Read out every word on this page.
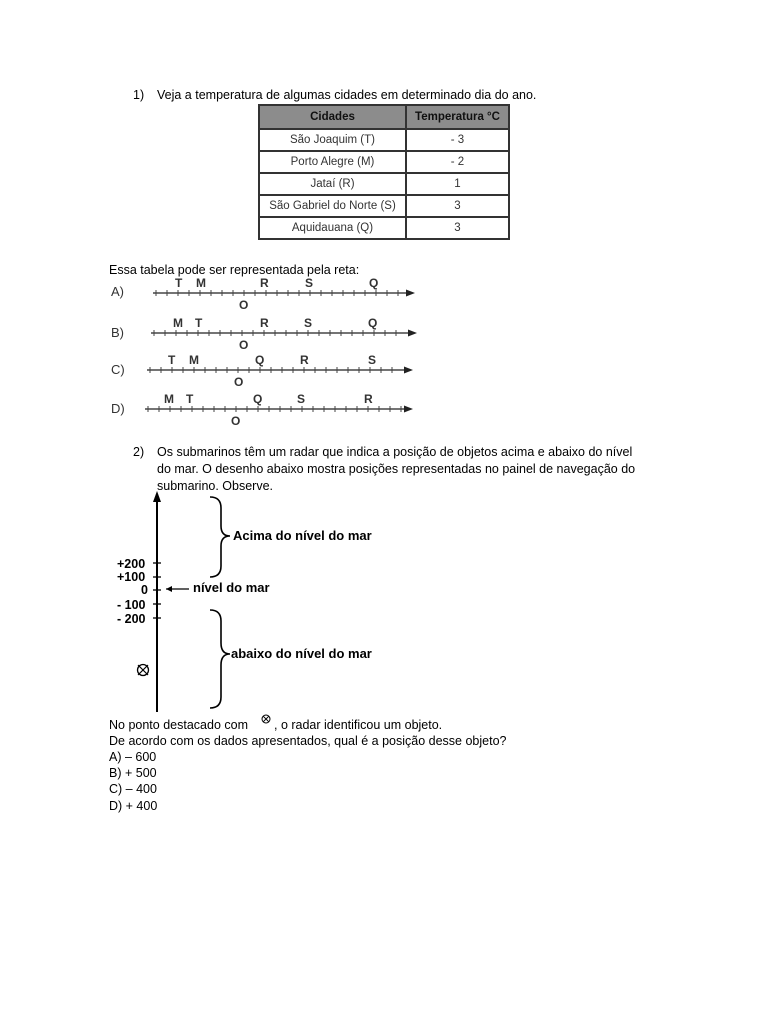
1) Veja a temperatura de algumas cidades em determinado dia do ano.
Cidades	Temperatura °C
São Joaquim (T)	- 3
Porto Alegre (M)	- 2
Jataí (R)	1
São Gabriel do Norte (S)	3
Aquidauana (Q)	3
Essa tabela pode ser representada pela reta:
A)
B)
C)
D)
T M	R	S	Q
O
M T	R	S	Q
O
T M	Q	R	S
O
M T	Q	S	R
O
2) Os submarinos têm um radar que indica a posição de objetos acima e abaixo do nível
do mar. O desenho abaixo mostra posições representadas no painel de navegação do
submarino. Observe.
+200
+100
0
- 100
- 200
Acima do nível do mar
nível do mar
abaixo do nível do mar
No ponto destacado com , o radar identificou um objeto.
De acordo com os dados apresentados, qual é a posição desse objeto?
A) – 600
B) + 500
C) – 400
D) + 400
